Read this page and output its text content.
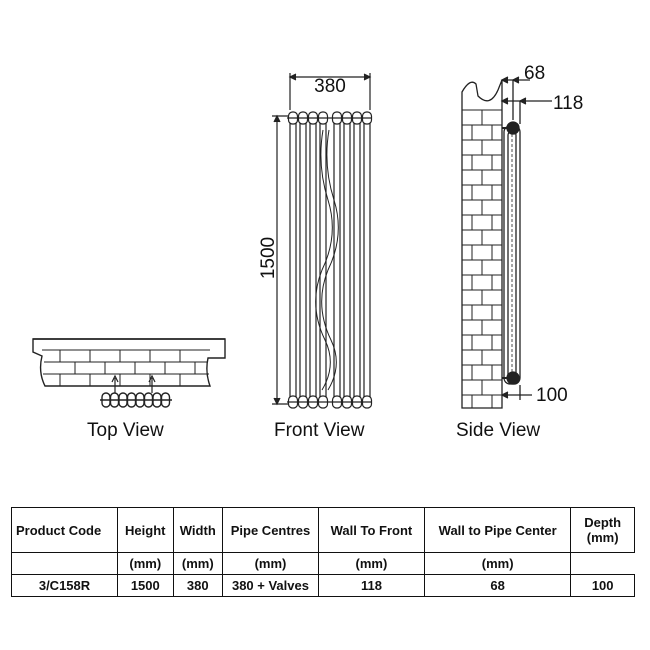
380
1500
68
118
100
Top View	Front View	Side View
Product Code	Height	Width	Pipe Centres	Wall To Front	Wall to Pipe Center	Depth (mm)
	(mm)	(mm)	(mm)	(mm)	(mm)	
3/C158R	1500	380	380 + Valves	118	68	100
